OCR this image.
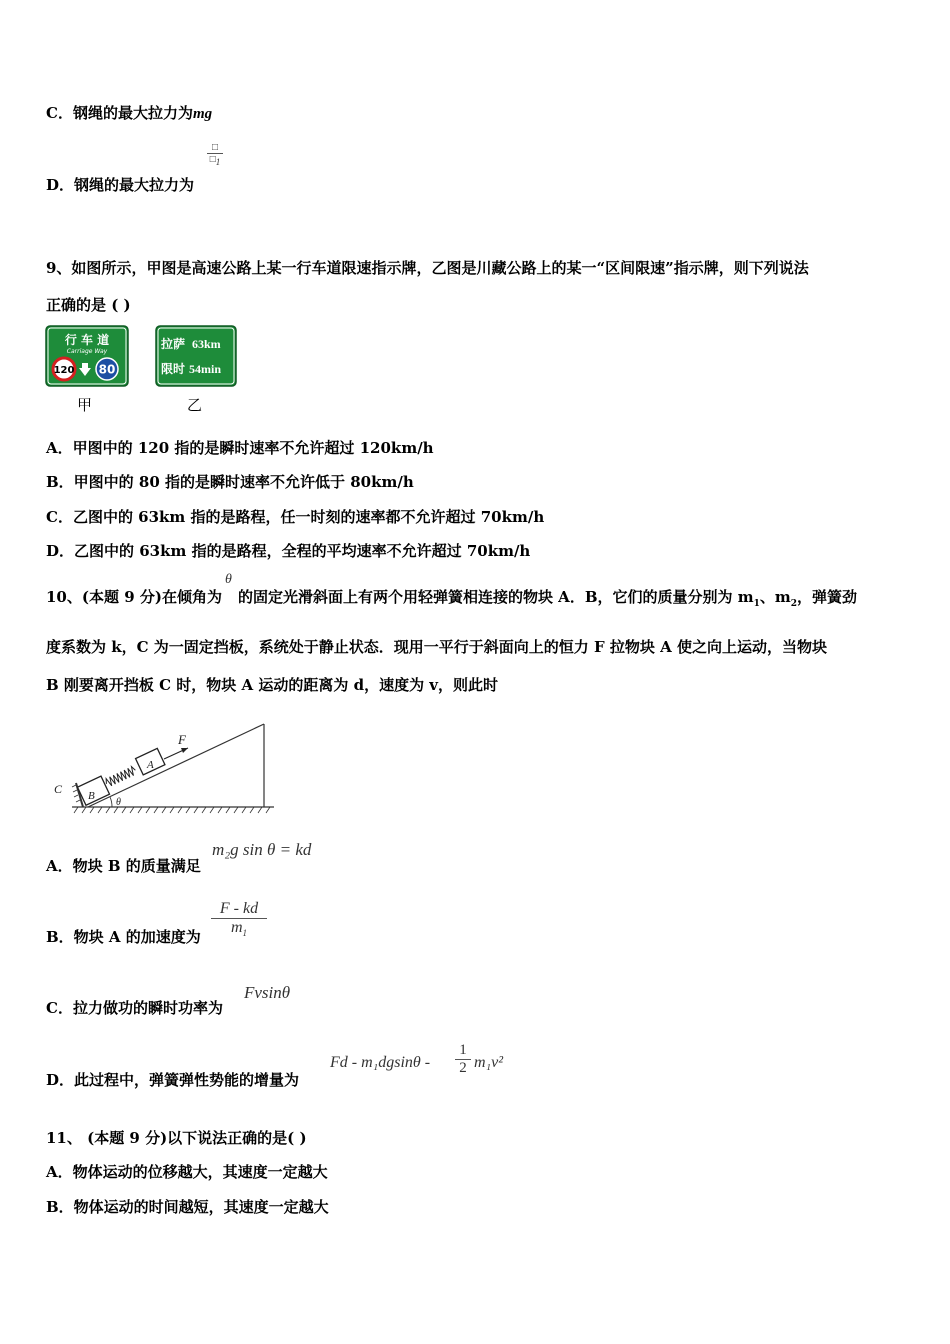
C．钢绳的最大拉力为mg
□
$□_1$
D．钢绳的最大拉力为
9、如图所示，甲图是高速公路上某一行车道限速指示牌，乙图是川藏公路上的某一“区间限速”指示牌，则下列说法
正确的是 ( )
行 车 道
Carriage Way
120 80
甲
拉萨 63km
限时 54min
乙
A．甲图中的 120 指的是瞬时速率不允许超过 120km/h
B．甲图中的 80 指的是瞬时速率不允许低于 80km/h
C．乙图中的 63km 指的是路程，任一时刻的速率都不允许超过 70km/h
D．乙图中的 63km 指的是路程，全程的平均速率不允许超过 70km/h
θ
10、(本题 9 分)在倾角为 的固定光滑斜面上有两个用轻弹簧相连接的物块 A．B，它们的质量分别为 $m_1$、$m_2$，弹簧劲
度系数为 k，C 为一固定挡板，系统处于静止状态．现用一平行于斜面向上的恒力 F 拉物块 A 使之向上运动，当物块
B 刚要离开挡板 C 时，物块 A 运动的距离为 d，速度为 v，则此时
F
A
B
C
θ
A．物块 B 的质量满足
m₂g sin θ = kd
B．物块 A 的加速度为
F - kd
$m_1$
C．拉力做功的瞬时功率为
Fvsinθ
D．此过程中，弹簧弹性势能的增量为
Fd - m₁dgsinθ -
1
2 m₁v²
11、 (本题 9 分)以下说法正确的是( )
A．物体运动的位移越大，其速度一定越大
B．物体运动的时间越短，其速度一定越大
